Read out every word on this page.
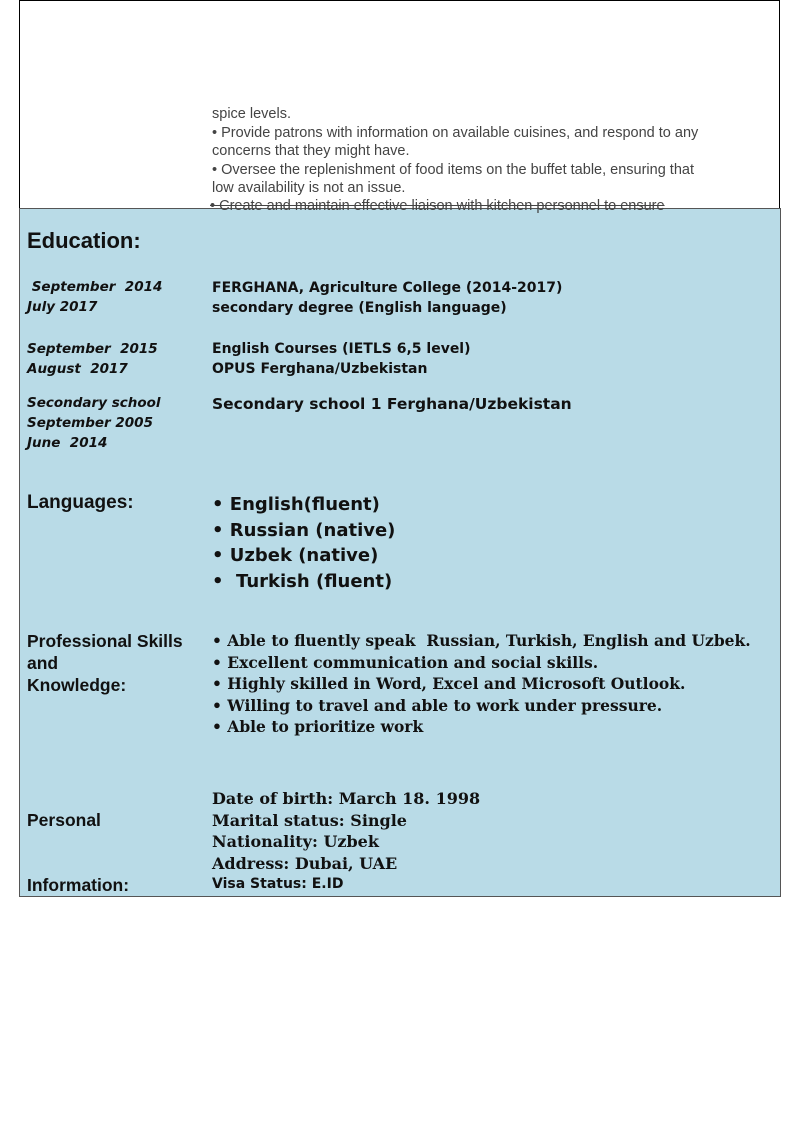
spice levels.
• Provide patrons with information on available cuisines, and respond to any
concerns that they might have.
• Oversee the replenishment of food items on the buffet table, ensuring that
low availability is not an issue.
• Create and maintain effective liaison with kitchen personnel to ensure
Education:
September  2014
July 2017
FERGHANA, Agriculture College (2014-2017)
secondary degree (English language)
September  2015
August  2017
English Courses (IETLS 6,5 level)
OPUS Ferghana/Uzbekistan
Secondary school
September 2005
June  2014
Secondary school 1 Ferghana/Uzbekistan
Languages:	• English(fluent)
• Russian (native)
• Uzbek (native)
•  Turkish (fluent)
Professional Skills
and
Knowledge:
• Able to fluently speak  Russian, Turkish, English and Uzbek.
• Excellent communication and social skills.
• Highly skilled in Word, Excel and Microsoft Outlook.
• Willing to travel and able to work under pressure.
• Able to prioritize work
Personal
Information:
Date of birth: March 18. 1998
Marital status: Single
Nationality: Uzbek
Address: Dubai, UAE
Visa Status: E.ID
